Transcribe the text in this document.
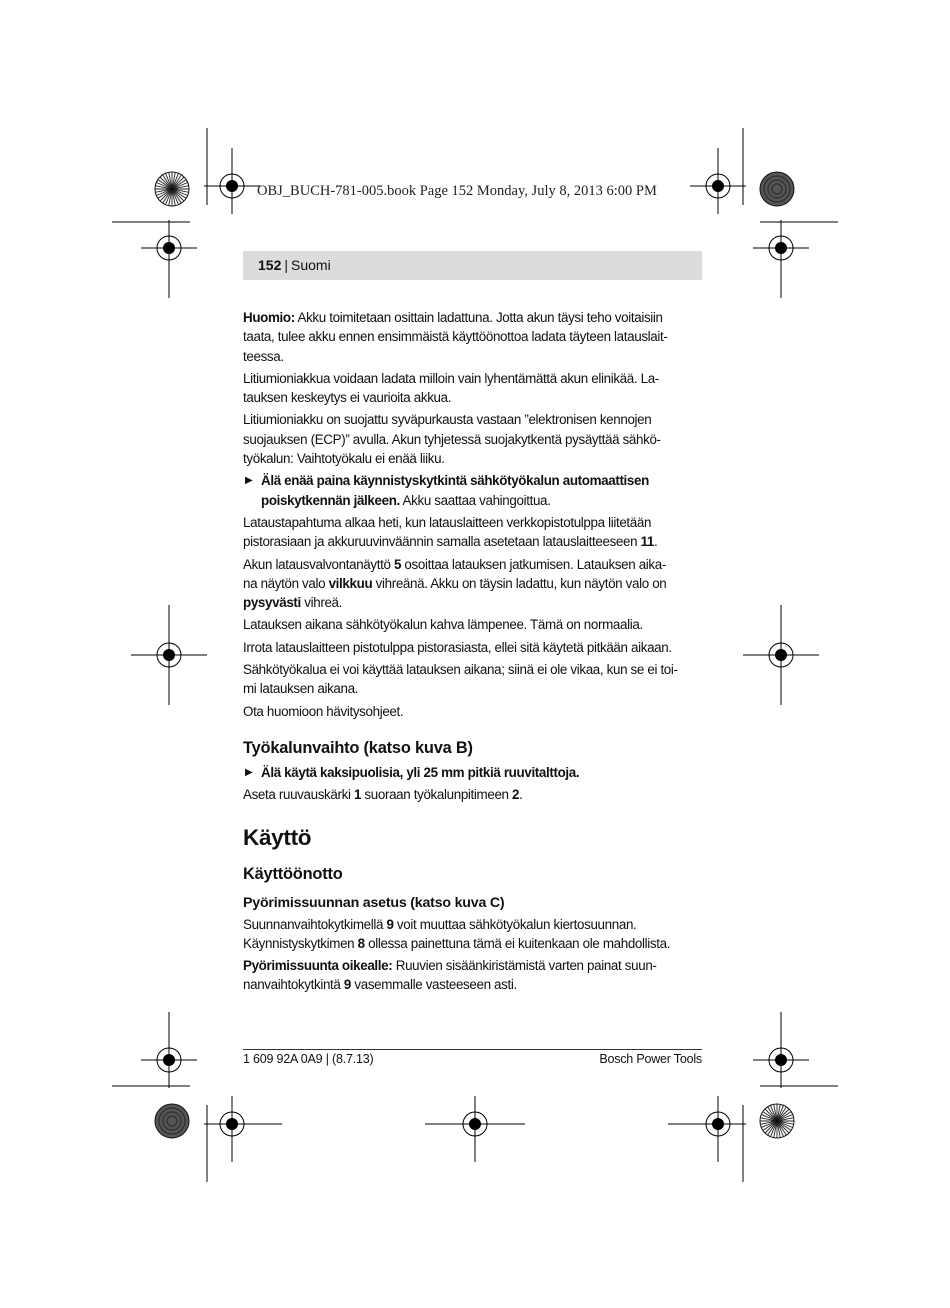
OBJ_BUCH-781-005.book Page 152 Monday, July 8, 2013 6:00 PM
152 | Suomi

Huomio: Akku toimitetaan osittain ladattuna. Jotta akun täysi teho voitaisiin
taata, tulee akku ennen ensimmäistä käyttöönottoa ladata täyteen latauslait-
teessa.

Litiumioniakkua voidaan ladata milloin vain lyhentämättä akun elinikää. La-
tauksen keskeytys ei vaurioita akkua.

Litiumioniakku on suojattu syväpurkausta vastaan ”elektronisen kennojen
suojauksen (ECP)” avulla. Akun tyhjetessä suojakytkentä pysäyttää sähkö-
työkalun: Vaihtotyökalu ei enää liiku.

▶ Älä enää paina käynnistyskytkintä sähkötyökalun automaattisen
poiskytkennän jälkeen. Akku saattaa vahingoittua.

Lataustapahtuma alkaa heti, kun latauslaitteen verkkopistotulppa liitetään
pistorasiaan ja akkuruuvinväännin samalla asetetaan latauslaitteeseen 11.

Akun latausvalvontanäyttö 5 osoittaa latauksen jatkumisen. Latauksen aika-
na näytön valo vilkkuu vihreänä. Akku on täysin ladattu, kun näytön valo on
pysyvästi vihreä.

Latauksen aikana sähkötyökalun kahva lämpenee. Tämä on normaalia.

Irrota latauslaitteen pistotulppa pistorasiasta, ellei sitä käytetä pitkään aikaan.

Sähkötyökalua ei voi käyttää latauksen aikana; siinä ei ole vikaa, kun se ei toi-
mi latauksen aikana.

Ota huomioon hävitysohjeet.

Työkalunvaihto (katso kuva B)
▶ Älä käytä kaksipuolisia, yli 25 mm pitkiä ruuvitalttoja.

Aseta ruuvauskärki 1 suoraan työkalunpitimeen 2.

Käyttö
Käyttöönotto
Pyörimissuunnan asetus (katso kuva C)

Suunnanvaihtokytkimellä 9 voit muuttaa sähkötyökalun kiertosuunnan.
Käynnistyskytkimen 8 ollessa painettuna tämä ei kuitenkaan ole mahdollista.

Pyörimissuunta oikealle: Ruuvien sisäänkiristämistä varten painat suun-
nanvaihtokytkintä 9 vasemmalle vasteeseen asti.

1 609 92A 0A9 | (8.7.13)	Bosch Power Tools
